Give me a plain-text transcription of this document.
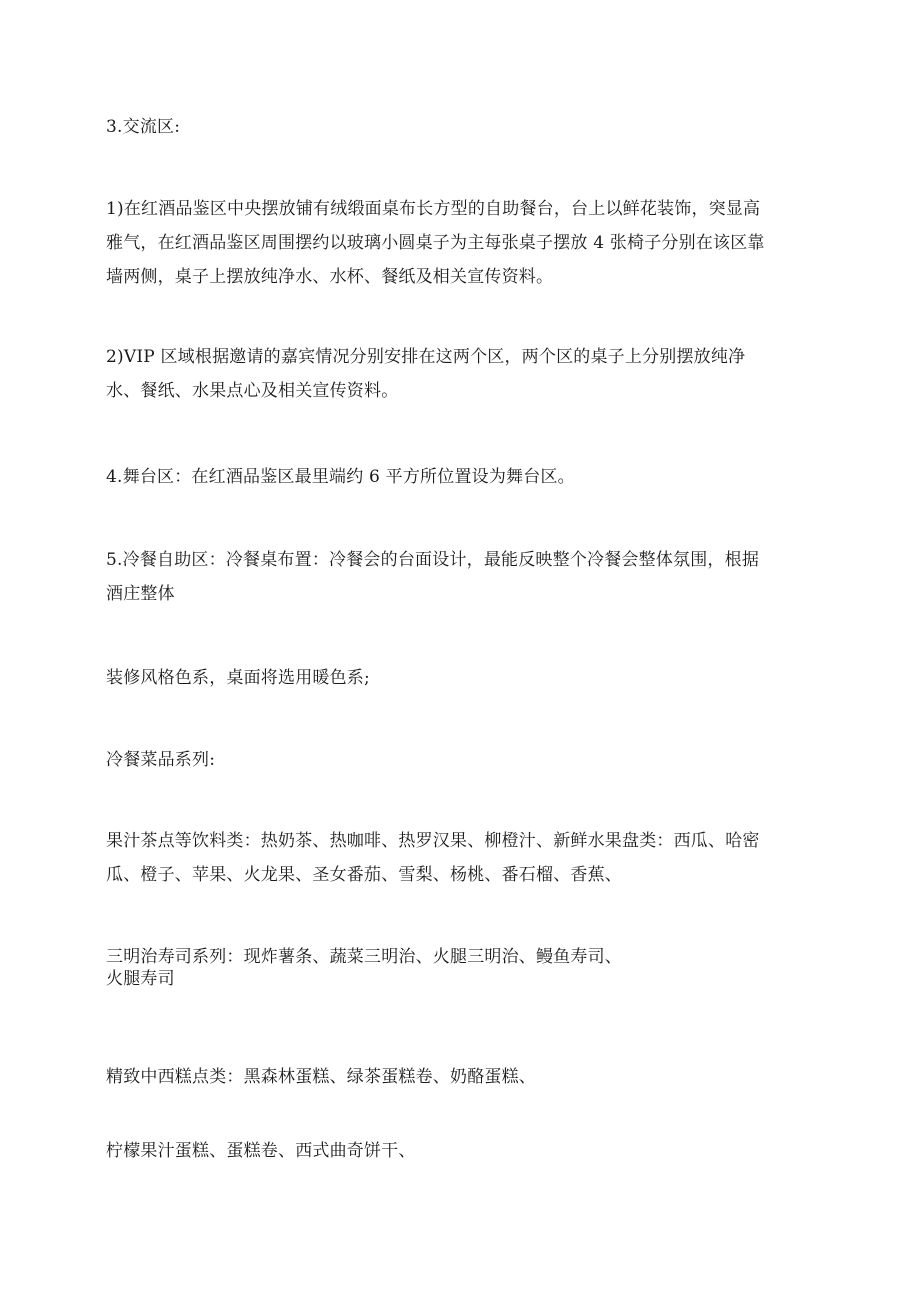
3.交流区:

1)在红酒品鉴区中央摆放铺有绒缎面桌布长方型的自助餐台，台上以鲜花装饰，突显高
雅气，在红酒品鉴区周围摆约以玻璃小圆桌子为主每张桌子摆放 4 张椅子分别在该区靠
墙两侧，桌子上摆放纯净水、水杯、餐纸及相关宣传资料。

2)VIP 区域根据邀请的嘉宾情况分别安排在这两个区，两个区的桌子上分别摆放纯净
水、餐纸、水果点心及相关宣传资料。

4.舞台区：在红酒品鉴区最里端约 6 平方所位置设为舞台区。

5.冷餐自助区：冷餐桌布置：冷餐会的台面设计，最能反映整个冷餐会整体氛围，根据
酒庄整体

装修风格色系，桌面将选用暖色系;

冷餐菜品系列:

果汁茶点等饮料类：热奶茶、热咖啡、热罗汉果、柳橙汁、新鲜水果盘类：西瓜、哈密
瓜、橙子、苹果、火龙果、圣女番茄、雪梨、杨桃、番石榴、香蕉、

三明治寿司系列：现炸薯条、蔬菜三明治、火腿三明治、鳗鱼寿司、
火腿寿司

精致中西糕点类：黑森林蛋糕、绿茶蛋糕卷、奶酪蛋糕、

柠檬果汁蛋糕、蛋糕卷、西式曲奇饼干、
